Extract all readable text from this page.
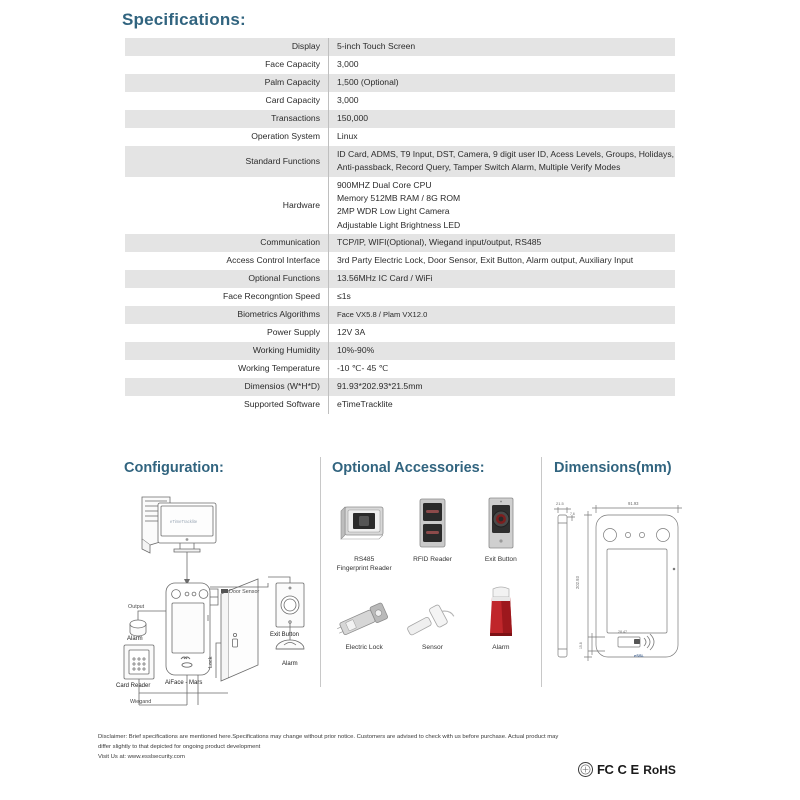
Specifications:
Display	5-inch Touch Screen

Face Capacity	3,000

Palm Capacity	1,500 (Optional)

Card Capacity	3,000

Transactions	150,000

Operation System	Linux

Standard Functions	ID Card, ADMS, T9 Input, DST, Camera, 9 digit user ID, Acess Levels, Groups, Holidays,
Anti-passback, Record Query, Tamper Switch Alarm, Multiple Verify Modes

Hardware	900MHZ Dual Core CPU
Memory 512MB RAM / 8G ROM
2MP WDR Low Light Camera
Adjustable Light Brightness LED

Communication	TCP/IP, WIFI(Optional), Wiegand input/output, RS485

Access Control Interface	3rd Party Electric Lock, Door Sensor, Exit Button, Alarm output, Auxiliary Input

Optional Functions	13.56MHz IC Card / WiFi

Face Recongntion Speed	≤1s

Biometrics Algorithms	Face VX5.8 / Plam VX12.0

Power Supply	12V 3A

Working Humidity	10%-90%

Working Temperature	-10 ℃- 45 ℃

Dimensios (W*H*D)	91.93*202.93*21.5mm

Supported Software	eTimeTracklite
Configuration:	Optional Accessories:	Dimensions(mm)
Output
Alarm
Card Reader AiFace - Mars
Door Sensor
Lock
Exit Button
Alarm
Wiegand
eTimeTracklite
RS485
Fingerprint Reader
RFID Reader	Exit Button
Electric Lock	Sensor	Alarm
21.5
7.6
91.93
202.93
28.47
15.8
eSSL
Disclaimer: Brief specifications are mentioned here.Specifications may change without prior notice. Customers are advised to check with us before purchase. Actual product may
differ slightly to that depicted for ongoing product development
Visit Us at: www.esslsecurity.com
FC C E RoHS
